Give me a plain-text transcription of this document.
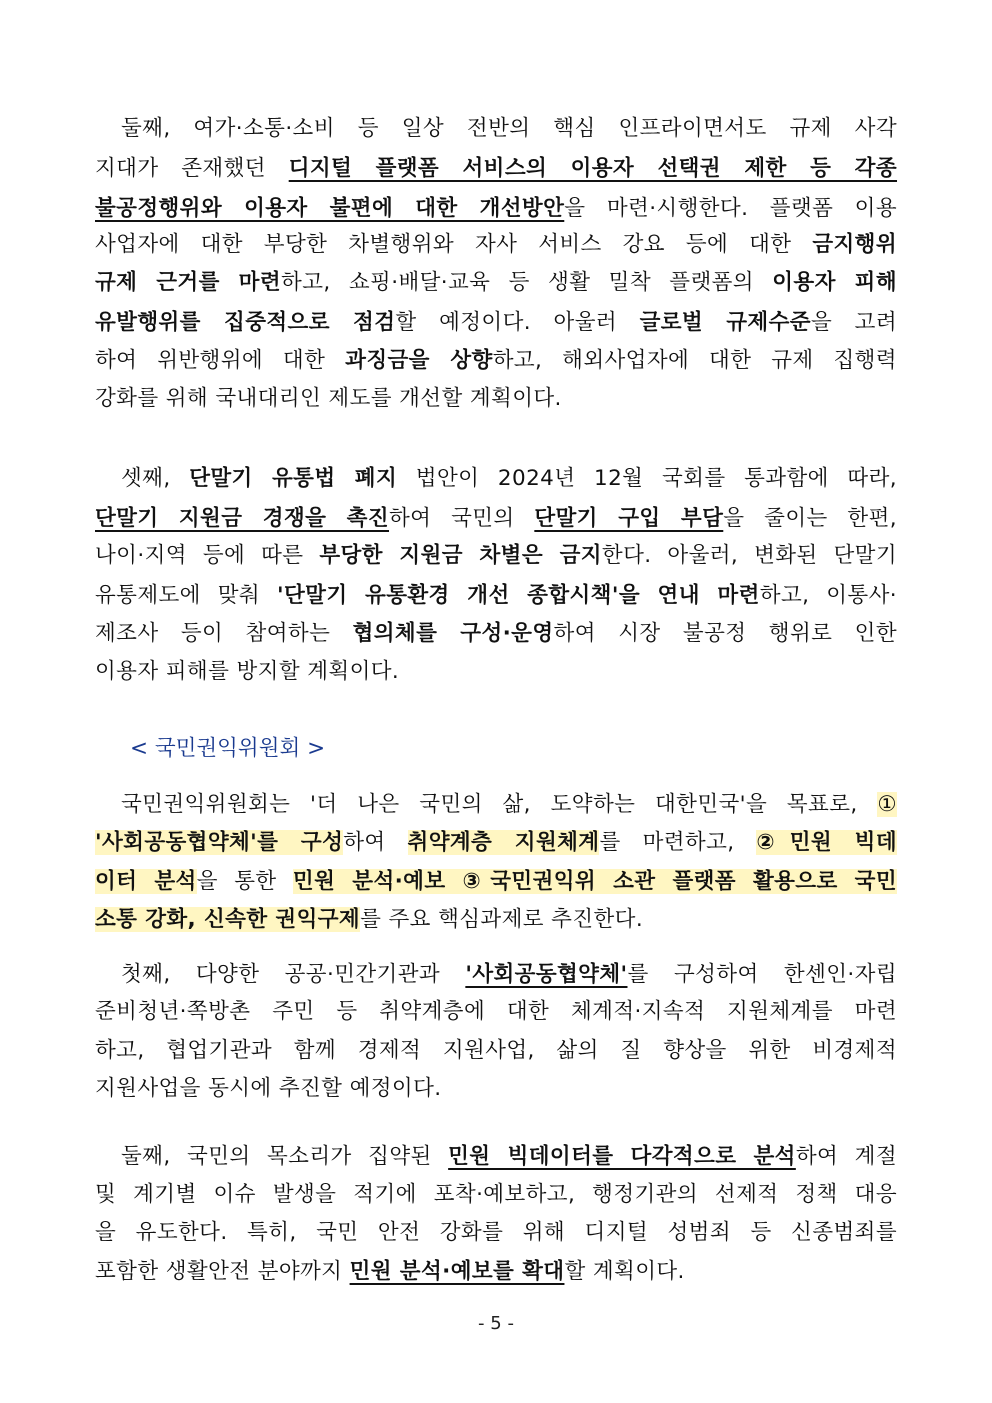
둘째, 여가·소통·소비 등 일상 전반의 핵심 인프라이면서도 규제 사각
지대가 존재했던 디지털 플랫폼 서비스의 이용자 선택권 제한 등 각종
불공정행위와 이용자 불편에 대한 개선방안을 마련·시행한다. 플랫폼 이용
사업자에 대한 부당한 차별행위와 자사 서비스 강요 등에 대한 금지행위
규제 근거를 마련하고, 쇼핑·배달·교육 등 생활 밀착 플랫폼의 이용자 피해
유발행위를 집중적으로 점검할 예정이다. 아울러 글로벌 규제수준을 고려
하여 위반행위에 대한 과징금을 상향하고, 해외사업자에 대한 규제 집행력
강화를 위해 국내대리인 제도를 개선할 계획이다.
셋째, 단말기 유통법 폐지 법안이 2024년 12월 국회를 통과함에 따라,
단말기 지원금 경쟁을 촉진하여 국민의 단말기 구입 부담을 줄이는 한편,
나이·지역 등에 따른 부당한 지원금 차별은 금지한다. 아울러, 변화된 단말기
유통제도에 맞춰 '단말기 유통환경 개선 종합시책'을 연내 마련하고, 이통사·
제조사 등이 참여하는 협의체를 구성·운영하여 시장 불공정 행위로 인한
이용자 피해를 방지할 계획이다.
< 국민권익위원회 >
국민권익위원회는 '더 나은 국민의 삶, 도약하는 대한민국'을 목표로, ①
'사회공동협약체'를 구성하여 취약계층 지원체계를 마련하고, ②민원 빅데
이터 분석을 통한 민원 분석·예보 ③국민권익위 소관 플랫폼 활용으로 국민
소통 강화, 신속한 권익구제를 주요 핵심과제로 추진한다.
첫째, 다양한 공공·민간기관과 '사회공동협약체'를 구성하여 한센인·자립
준비청년·쪽방촌 주민 등 취약계층에 대한 체계적·지속적 지원체계를 마련
하고, 협업기관과 함께 경제적 지원사업, 삶의 질 향상을 위한 비경제적
지원사업을 동시에 추진할 예정이다.
둘째, 국민의 목소리가 집약된 민원 빅데이터를 다각적으로 분석하여 계절
및 계기별 이슈 발생을 적기에 포착·예보하고, 행정기관의 선제적 정책 대응
을 유도한다. 특히, 국민 안전 강화를 위해 디지털 성범죄 등 신종범죄를
포함한 생활안전 분야까지 민원 분석·예보를 확대할 계획이다.
- 5 -
